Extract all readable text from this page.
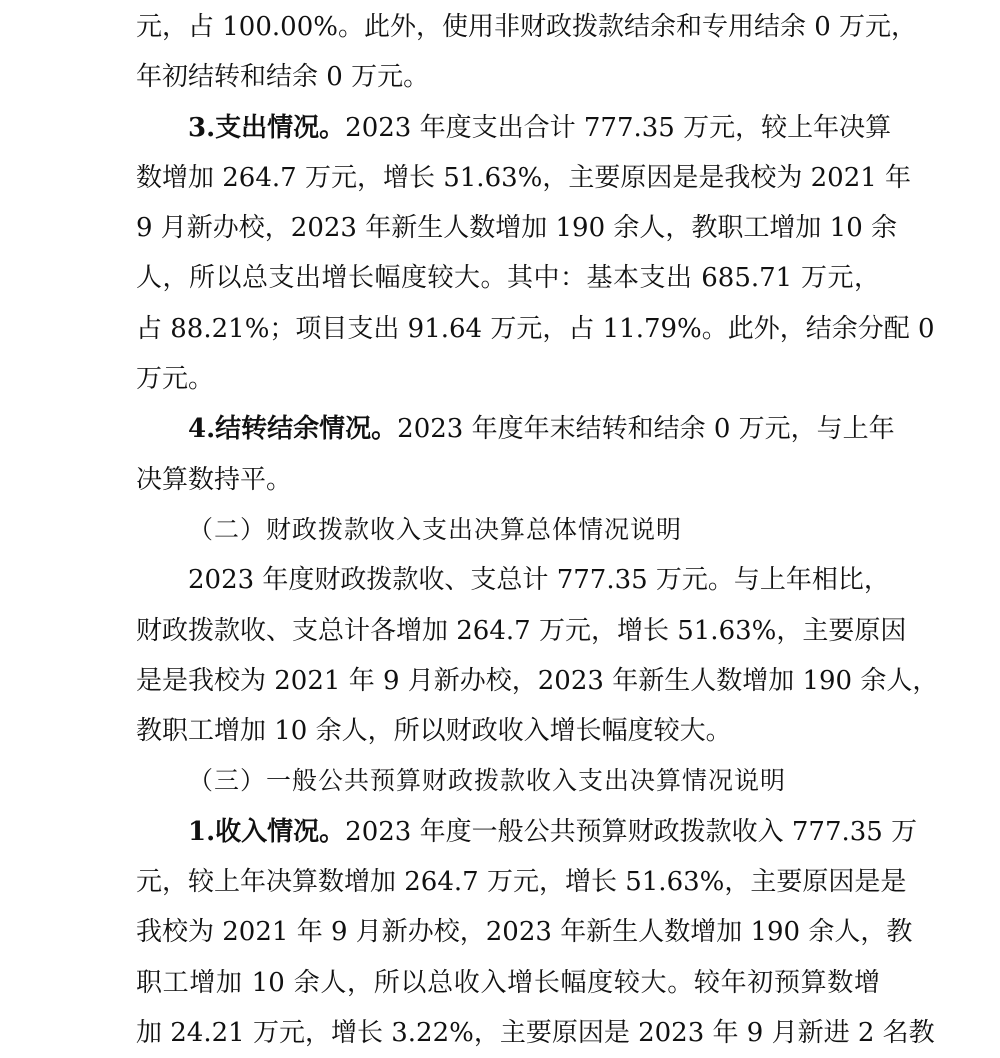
元，占 100.00%。此外，使用非财政拨款结余和专用结余 0 万元，
年初结转和结余 0 万元。
3.支出情况。2023 年度支出合计 777.35 万元，较上年决算
数增加 264.7 万元，增长 51.63%，主要原因是是我校为 2021 年
9 月新办校，2023 年新生人数增加 190 余人，教职工增加 10 余
人，所以总支出增长幅度较大。其中：基本支出 685.71 万元，
占 88.21%；项目支出 91.64 万元，占 11.79%。此外，结余分配 0
万元。
4.结转结余情况。2023 年度年末结转和结余 0 万元，与上年
决算数持平。
（二）财政拨款收入支出决算总体情况说明
2023 年度财政拨款收、支总计 777.35 万元。与上年相比，
财政拨款收、支总计各增加 264.7 万元，增长 51.63%，主要原因
是是我校为 2021 年 9 月新办校，2023 年新生人数增加 190 余人，
教职工增加 10 余人，所以财政收入增长幅度较大。
（三）一般公共预算财政拨款收入支出决算情况说明
1.收入情况。2023 年度一般公共预算财政拨款收入 777.35 万
元，较上年决算数增加 264.7 万元，增长 51.63%，主要原因是是
我校为 2021 年 9 月新办校，2023 年新生人数增加 190 余人，教
职工增加 10 余人，所以总收入增长幅度较大。较年初预算数增
加 24.21 万元，增长 3.22%，主要原因是 2023 年 9 月新进 2 名教
